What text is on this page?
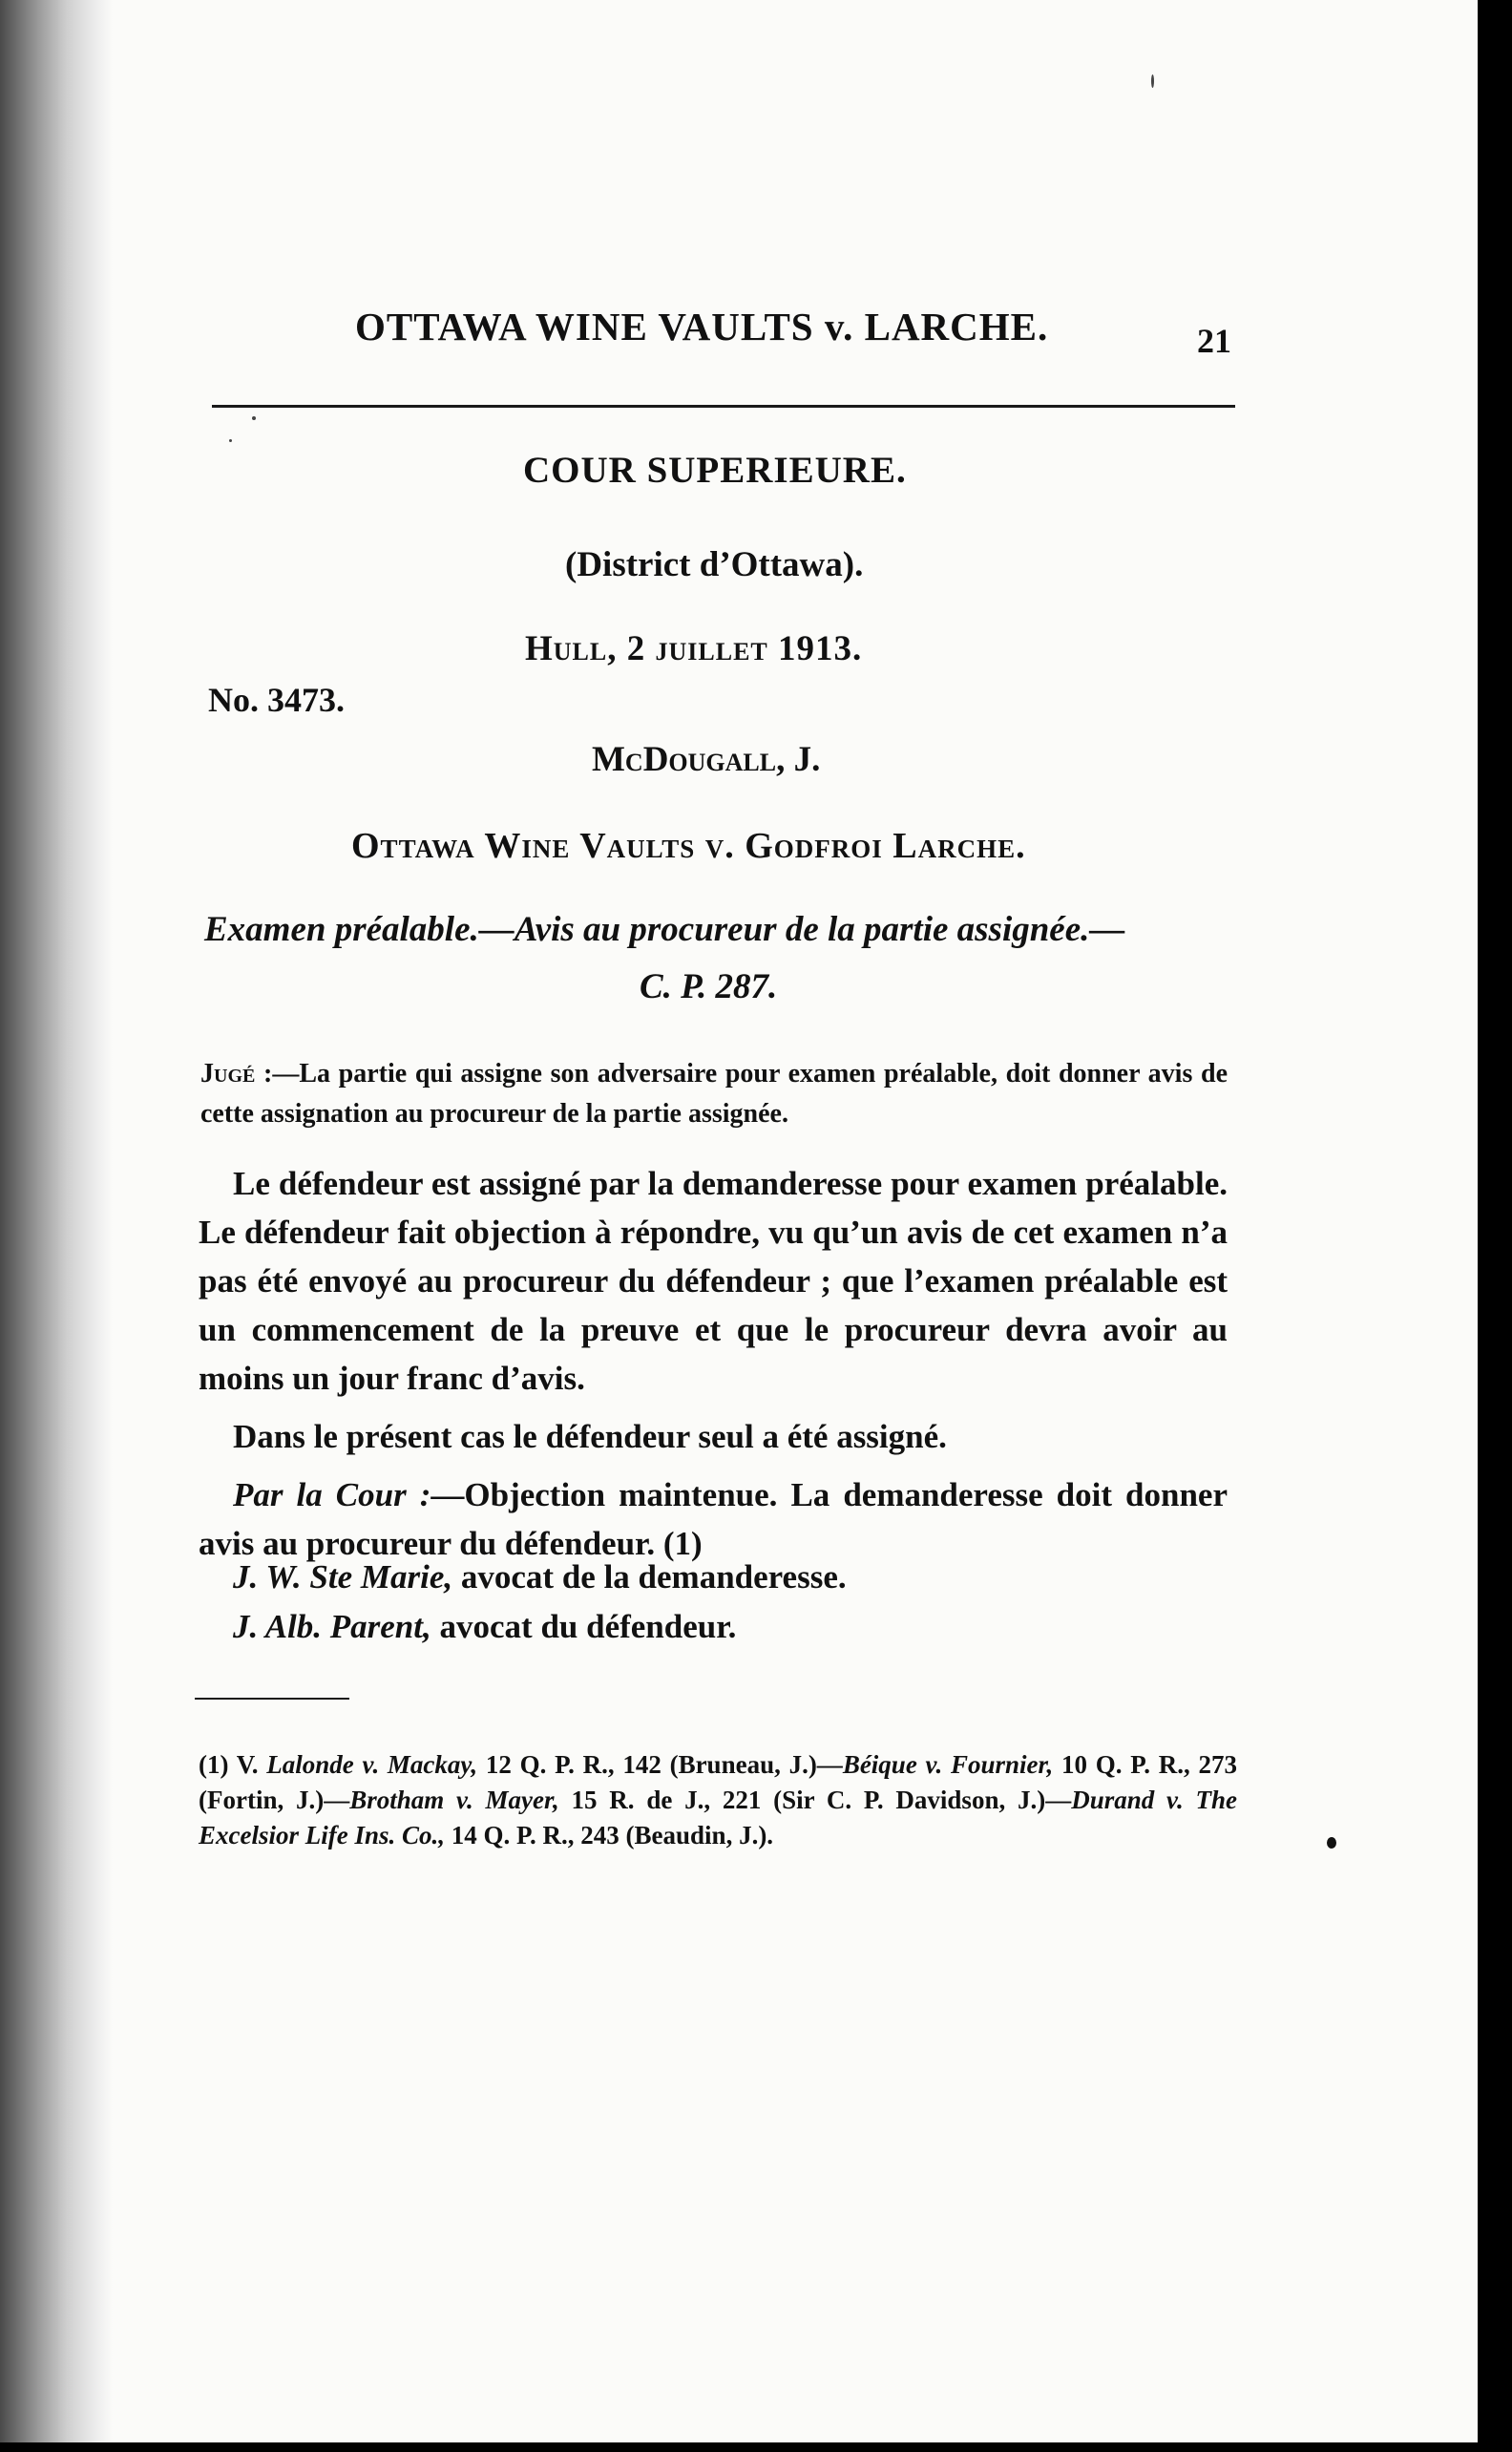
OTTAWA WINE VAULTS v. LARCHE.	21
COUR SUPERIEURE.
(District d’Ottawa).
Hull, 2 juillet 1913.
No. 3473.
McDougall, J.
Ottawa Wine Vaults v. Godfroi Larche.
Examen préalable.—Avis au procureur de la partie assignée.—
C. P. 287.
Jugé :—La partie qui assigne son adversaire pour examen préalable, doit donner avis de cette assignation au procureur de la partie assignée.

Le défendeur est assigné par la demanderesse pour examen préalable. Le défendeur fait objection à répondre, vu qu’un avis de cet examen n’a pas été envoyé au procureur du défendeur ; que l’examen préalable est un commencement de la preuve et que le procureur devra avoir au moins un jour franc d’avis.

Dans le présent cas le défendeur seul a été assigné.

Par la Cour :—Objection maintenue. La demanderesse doit donner avis au procureur du défendeur. (1)

J. W. Ste Marie, avocat de la demanderesse.
J. Alb. Parent, avocat du défendeur.
(1) V. Lalonde v. Mackay, 12 Q. P. R., 142 (Bruneau, J.)—Béique v. Fournier, 10 Q. P. R., 273 (Fortin, J.)—Brotham v. Mayer, 15 R. de J., 221 (Sir C. P. Davidson, J.)—Durand v. The Excelsior Life Ins. Co., 14 Q. P. R., 243 (Beaudin, J.).
